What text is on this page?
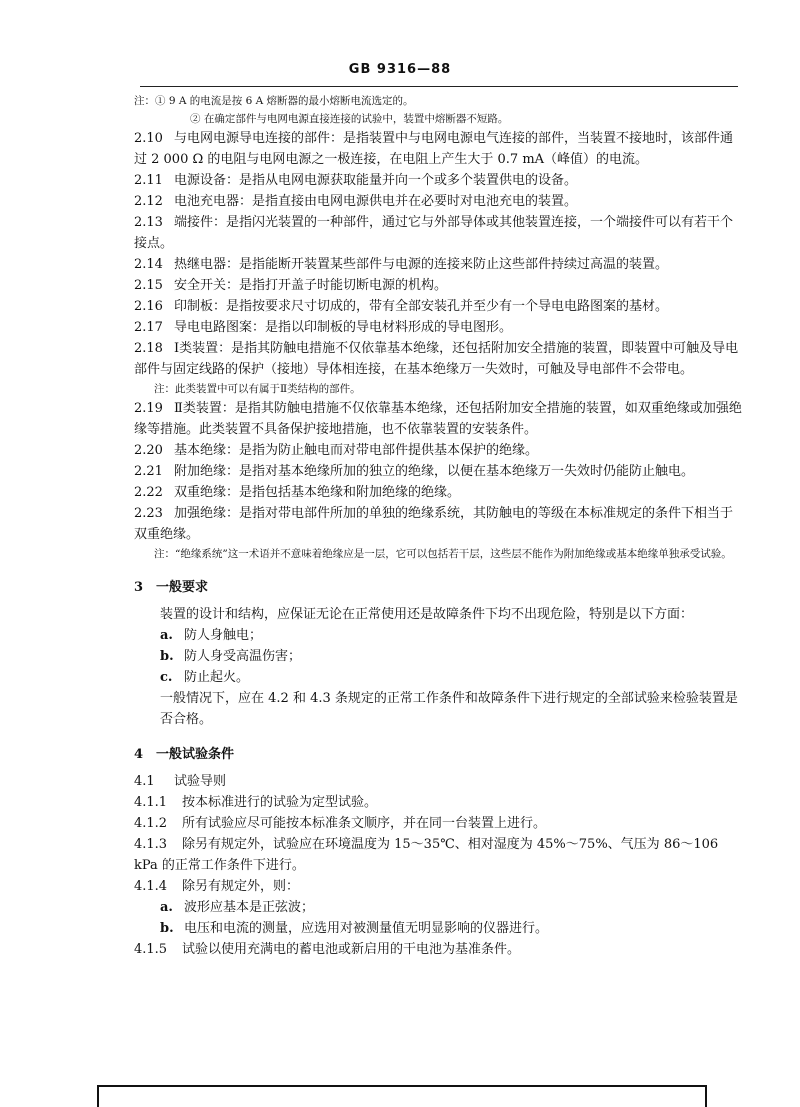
GB 9316—88
注：① 9 A 的电流是按 6 A 熔断器的最小熔断电流选定的。
② 在确定部件与电网电源直接连接的试验中，装置中熔断器不短路。

2.10 与电网电源导电连接的部件：是指装置中与电网电源电气连接的部件，当装置不接地时，该部件通过 2 000 Ω 的电阻与电网电源之一极连接，在电阻上产生大于 0.7 mA（峰值）的电流。

2.11 电源设备：是指从电网电源获取能量并向一个或多个装置供电的设备。

2.12 电池充电器：是指直接由电网电源供电并在必要时对电池充电的装置。

2.13 端接件：是指闪光装置的一种部件，通过它与外部导体或其他装置连接，一个端接件可以有若干个接点。

2.14 热继电器：是指能断开装置某些部件与电源的连接来防止这些部件持续过高温的装置。

2.15 安全开关：是指打开盖子时能切断电源的机构。

2.16 印制板：是指按要求尺寸切成的，带有全部安装孔并至少有一个导电电路图案的基材。

2.17 导电电路图案：是指以印制板的导电材料形成的导电图形。

2.18 Ⅰ类装置：是指其防触电措施不仅依靠基本绝缘，还包括附加安全措施的装置，即装置中可触及导电部件与固定线路的保护（接地）导体相连接，在基本绝缘万一失效时，可触及导电部件不会带电。

注：此类装置中可以有属于Ⅱ类结构的部件。

2.19 Ⅱ类装置：是指其防触电措施不仅依靠基本绝缘，还包括附加安全措施的装置，如双重绝缘或加强绝缘等措施。此类装置不具备保护接地措施，也不依靠装置的安装条件。

2.20 基本绝缘：是指为防止触电而对带电部件提供基本保护的绝缘。

2.21 附加绝缘：是指对基本绝缘所加的独立的绝缘，以便在基本绝缘万一失效时仍能防止触电。

2.22 双重绝缘：是指包括基本绝缘和附加绝缘的绝缘。

2.23 加强绝缘：是指对带电部件所加的单独的绝缘系统，其防触电的等级在本标准规定的条件下相当于双重绝缘。

注：“绝缘系统”这一术语并不意味着绝缘应是一层，它可以包括若干层，这些层不能作为附加绝缘或基本绝缘单独承受试验。
3 一般要求
装置的设计和结构，应保证无论在正常使用还是故障条件下均不出现危险，特别是以下方面：
a. 防人身触电；
b. 防人身受高温伤害；
c. 防止起火。
一般情况下，应在 4.2 和 4.3 条规定的正常工作条件和故障条件下进行规定的全部试验来检验装置是否合格。
4 一般试验条件

4.1 试验导则

4.1.1 按本标准进行的试验为定型试验。

4.1.2 所有试验应尽可能按本标准条文顺序，并在同一台装置上进行。

4.1.3 除另有规定外，试验应在环境温度为 15～35℃、相对湿度为 45%～75%、气压为 86～106 kPa 的正常工作条件下进行。

4.1.4 除另有规定外，则：

a. 波形应基本是正弦波；
b. 电压和电流的测量，应选用对被测量值无明显影响的仪器进行。

4.1.5 试验以使用充满电的蓄电池或新启用的干电池为基准条件。
